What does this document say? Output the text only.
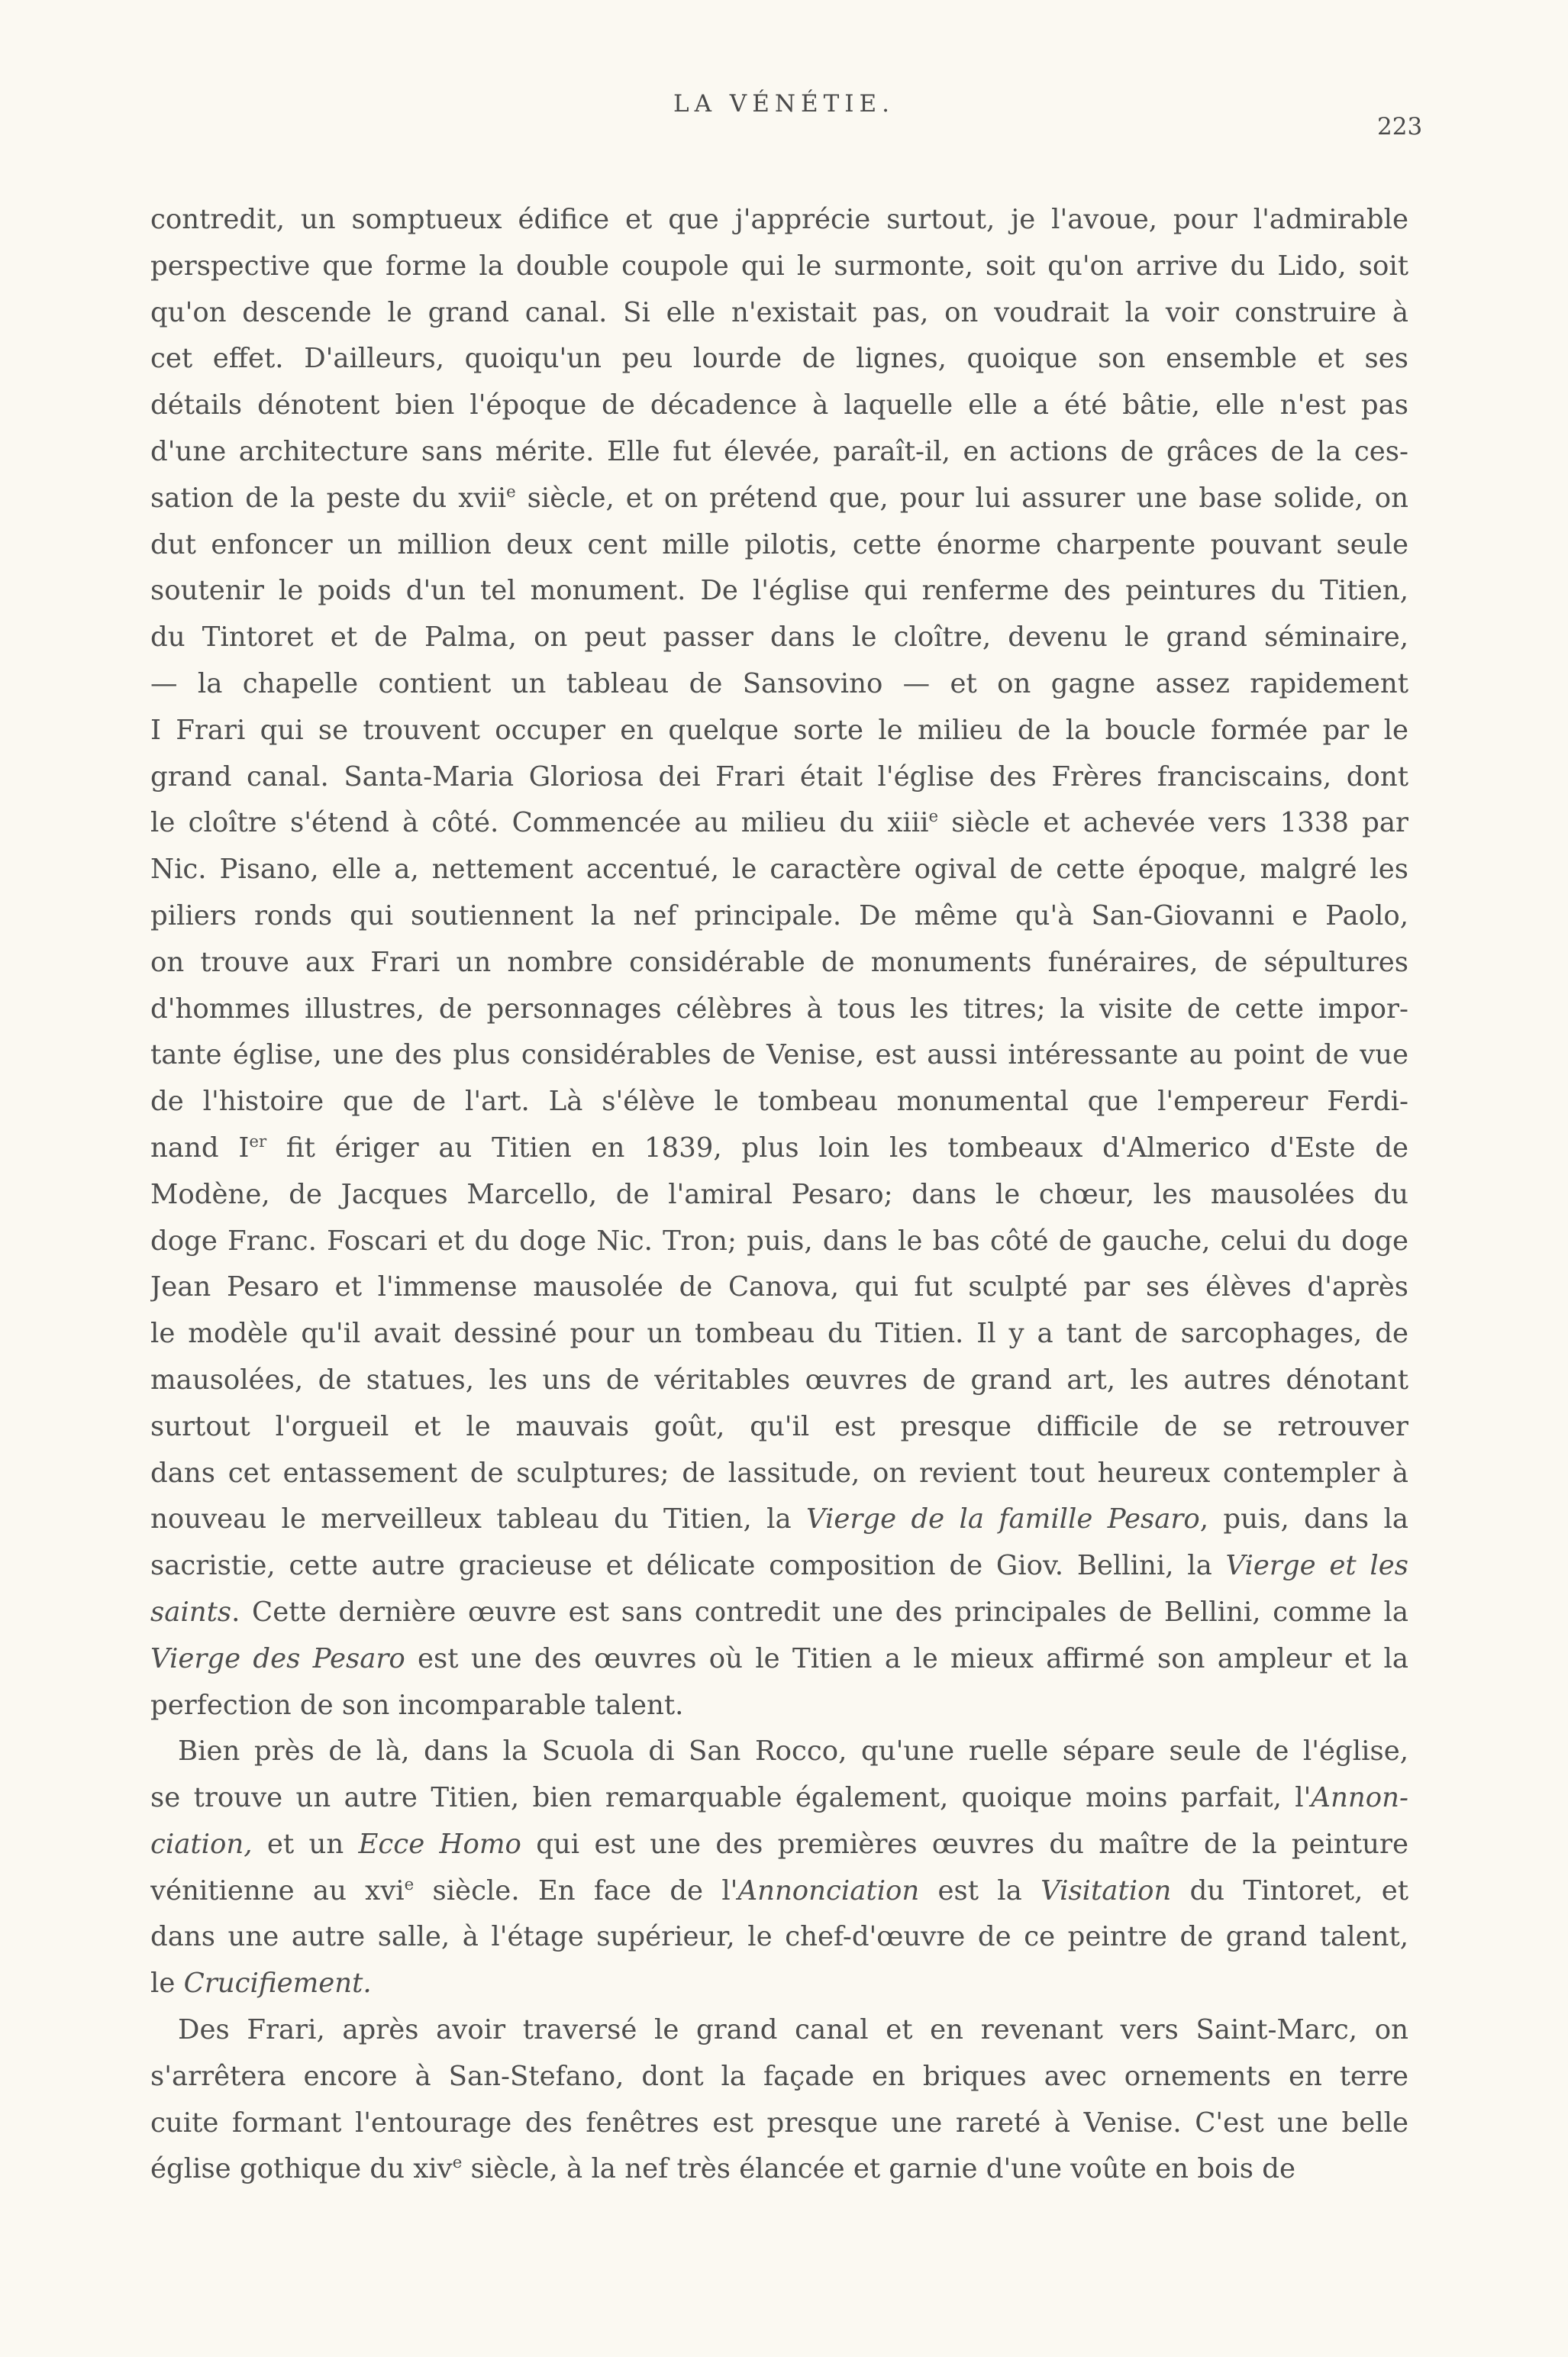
LA VÉNÉTIE.
223
contredit, un somptueux édifice et que j'apprécie surtout, je l'avoue, pour l'admirable
perspective que forme la double coupole qui le surmonte, soit qu'on arrive du Lido, soit
qu'on descende le grand canal. Si elle n'existait pas, on voudrait la voir construire à
cet effet. D'ailleurs, quoiqu'un peu lourde de lignes, quoique son ensemble et ses
détails dénotent bien l'époque de décadence à laquelle elle a été bâtie, elle n'est pas
d'une architecture sans mérite. Elle fut élevée, paraît-il, en actions de grâces de la ces-
sation de la peste du xvii$^e$ siècle, et on prétend que, pour lui assurer une base solide, on
dut enfoncer un million deux cent mille pilotis, cette énorme charpente pouvant seule
soutenir le poids d'un tel monument. De l'église qui renferme des peintures du Titien,
du Tintoret et de Palma, on peut passer dans le cloître, devenu le grand séminaire,
— la chapelle contient un tableau de Sansovino — et on gagne assez rapidement
I Frari qui se trouvent occuper en quelque sorte le milieu de la boucle formée par le
grand canal. Santa-Maria Gloriosa dei Frari était l'église des Frères franciscains, dont
le cloître s'étend à côté. Commencée au milieu du xiii$^e$ siècle et achevée vers 1338 par
Nic. Pisano, elle a, nettement accentué, le caractère ogival de cette époque, malgré les
piliers ronds qui soutiennent la nef principale. De même qu'à San-Giovanni e Paolo,
on trouve aux Frari un nombre considérable de monuments funéraires, de sépultures
d'hommes illustres, de personnages célèbres à tous les titres; la visite de cette impor-
tante église, une des plus considérables de Venise, est aussi intéressante au point de vue
de l'histoire que de l'art. Là s'élève le tombeau monumental que l'empereur Ferdi-
nand Ier fit ériger au Titien en 1839, plus loin les tombeaux d'Almerico d'Este de
Modène, de Jacques Marcello, de l'amiral Pesaro; dans le chœur, les mausolées du
doge Franc. Foscari et du doge Nic. Tron; puis, dans le bas côté de gauche, celui du doge
Jean Pesaro et l'immense mausolée de Canova, qui fut sculpté par ses élèves d'après
le modèle qu'il avait dessiné pour un tombeau du Titien. Il y a tant de sarcophages, de
mausolées, de statues, les uns de véritables œuvres de grand art, les autres dénotant
surtout l'orgueil et le mauvais goût, qu'il est presque difficile de se retrouver
dans cet entassement de sculptures; de lassitude, on revient tout heureux contempler à
nouveau le merveilleux tableau du Titien, la Vierge de la famille Pesaro, puis, dans la
sacristie, cette autre gracieuse et délicate composition de Giov. Bellini, la Vierge et les
saints. Cette dernière œuvre est sans contredit une des principales de Bellini, comme la
Vierge des Pesaro est une des œuvres où le Titien a le mieux affirmé son ampleur et la
perfection de son incomparable talent.
Bien près de là, dans la Scuola di San Rocco, qu'une ruelle sépare seule de l'église,
se trouve un autre Titien, bien remarquable également, quoique moins parfait, l'Annon-
ciation, et un Ecce Homo qui est une des premières œuvres du maître de la peinture
vénitienne au xvi$^e$ siècle. En face de l'Annonciation est la Visitation du Tintoret, et
dans une autre salle, à l'étage supérieur, le chef-d'œuvre de ce peintre de grand talent,
le Crucifiement.
Des Frari, après avoir traversé le grand canal et en revenant vers Saint-Marc, on
s'arrêtera encore à San-Stefano, dont la façade en briques avec ornements en terre
cuite formant l'entourage des fenêtres est presque une rareté à Venise. C'est une belle
église gothique du xiv$^e$ siècle, à la nef très élancée et garnie d'une voûte en bois de
